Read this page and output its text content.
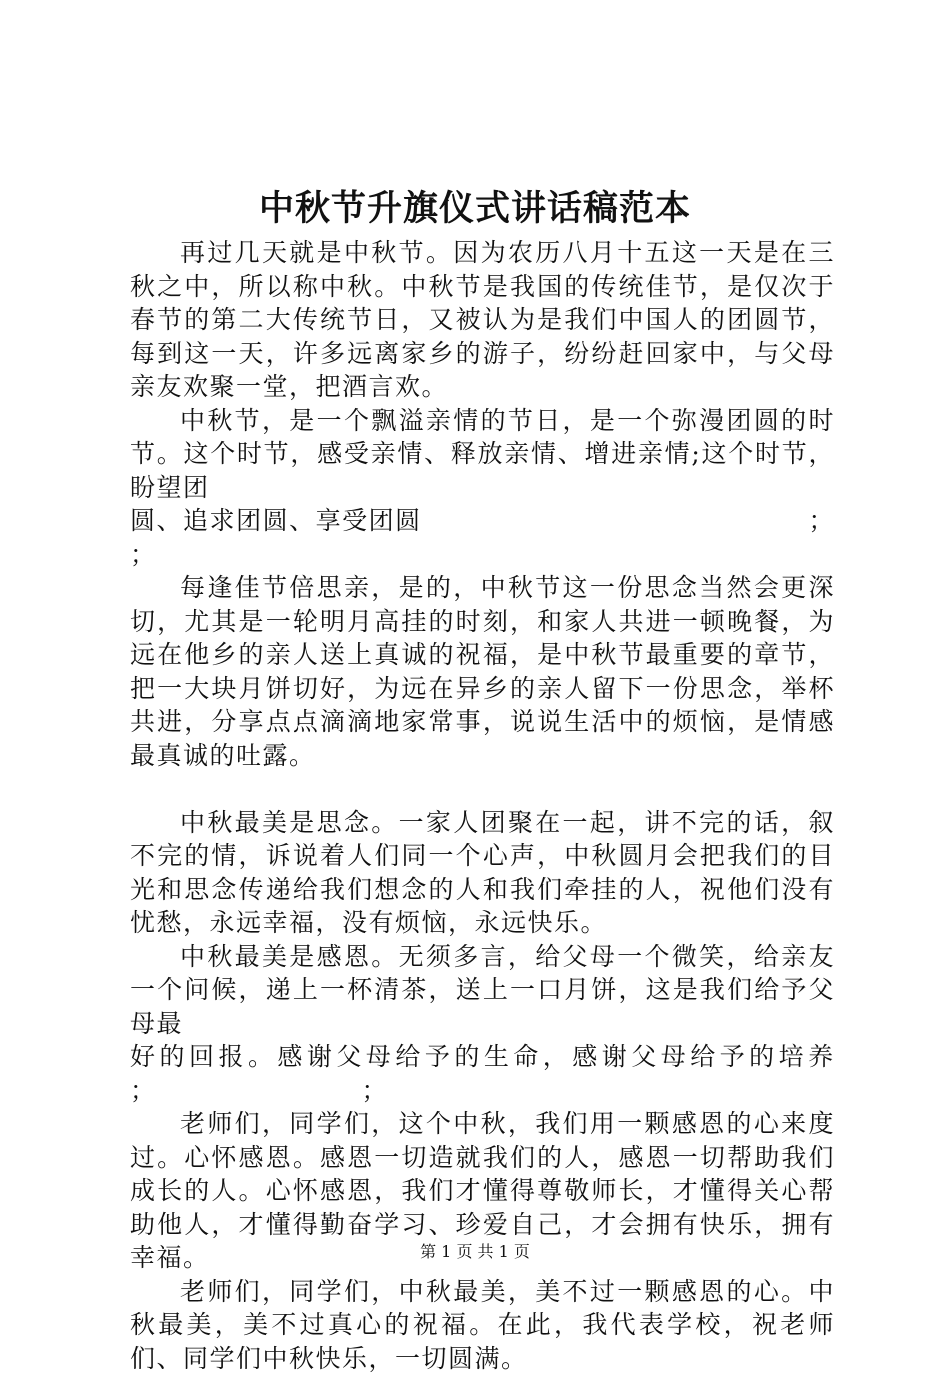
中秋节升旗仪式讲话稿范本

再过几天就是中秋节。因为农历八月十五这一天是在三秋之中，所以称中秋。中秋节是我国的传统佳节，是仅次于春节的第二大传统节日，又被认为是我们中国人的团圆节，每到这一天，许多远离家乡的游子，纷纷赶回家中，与父母亲友欢聚一堂，把酒言欢。

中秋节，是一个飘溢亲情的节日，是一个弥漫团圆的时节。这个时节，感受亲情、释放亲情、增进亲情;这个时节，盼望团

圆 、 追 求 团 圆 、 享 受 团 圆	；

；

每逢佳节倍思亲，是的，中秋节这一份思念当然会更深切，尤其是一轮明月高挂的时刻，和家人共进一顿晚餐，为远在他乡的亲人送上真诚的祝福，是中秋节最重要的章节，把一大块月饼切好，为远在异乡的亲人留下一份思念，举杯共进，分享点点滴滴地家常事，说说生活中的烦恼，是情感最真诚的吐露。

中秋最美是思念。一家人团聚在一起，讲不完的话，叙不完的情，诉说着人们同一个心声，中秋圆月会把我们的目光和思念传递给我们想念的人和我们牵挂的人，祝他们没有忧愁，永远幸福，没有烦恼，永远快乐。

中秋最美是感恩。无须多言，给父母一个微笑，给亲友一个问候，递上一杯清茶，送上一口月饼，这是我们给予父母最

好 的 回 报 。 感 谢 父 母 给 予 的 生 命 ， 感 谢 父 母 给 予 的 培 养

；	；

老师们，同学们，这个中秋，我们用一颗感恩的心来度过。心怀感恩。感恩一切造就我们的人，感恩一切帮助我们成长的人。心怀感恩，我们才懂得尊敬师长，才懂得关心帮助他人，才懂得勤奋学习、珍爱自己，才会拥有快乐，拥有幸福。

老师们，同学们，中秋最美，美不过一颗感恩的心。中秋最美，美不过真心的祝福。在此，我代表学校，祝老师们、同学们中秋快乐，一切圆满。

第 1 页 共 1 页
